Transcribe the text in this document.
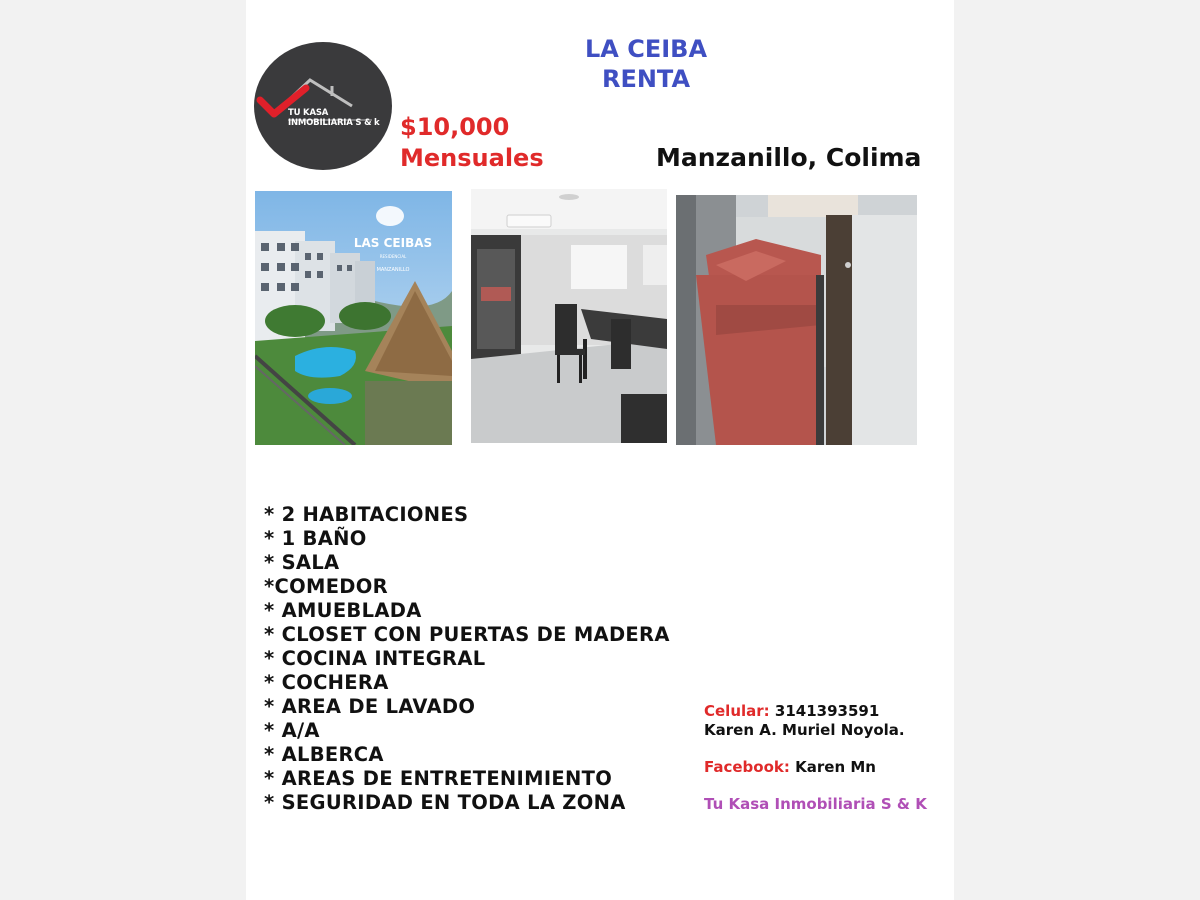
TU KASA
INMOBILIARIA S & k
LA CEIBA
RENTA
$10,000
Mensuales	Manzanillo, Colima
LAS CEIBAS
RESIDENCIAL
MANZANILLO
* 2 HABITACIONES
* 1 BAÑO
* SALA
*COMEDOR
* AMUEBLADA
* CLOSET CON PUERTAS DE MADERA
* COCINA INTEGRAL
* COCHERA
* AREA DE LAVADO
* A/A
* ALBERCA
* AREAS DE ENTRETENIMIENTO
* SEGURIDAD EN TODA LA ZONA
Celular: 3141393591
Karen A. Muriel Noyola.
Facebook: Karen Mn
Tu Kasa Inmobiliaria S & K
